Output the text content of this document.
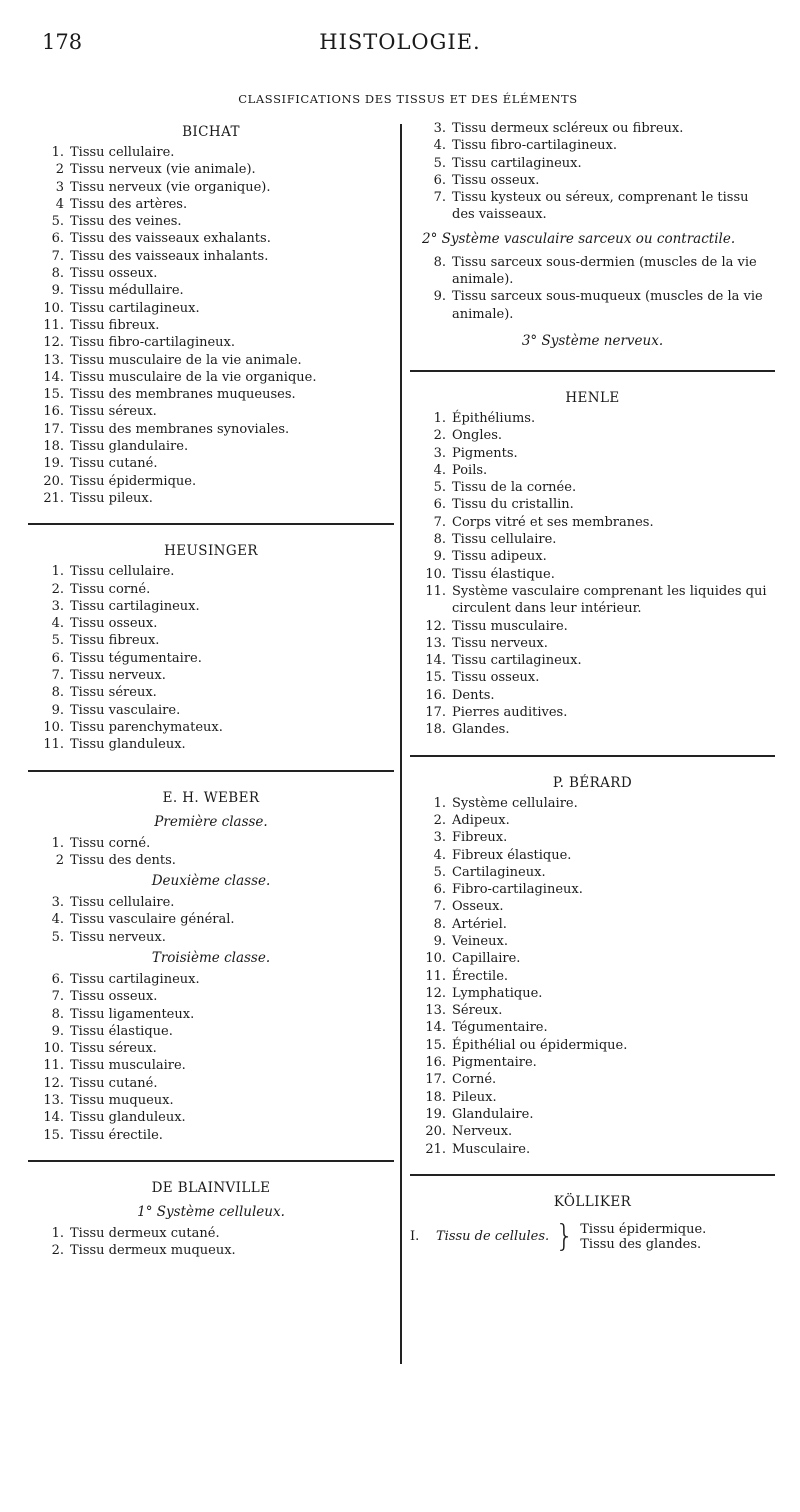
178	HISTOLOGIE.
CLASSIFICATIONS DES TISSUS ET DES ÉLÉMENTS
BICHAT
1. Tissu cellulaire.
2 Tissu nerveux (vie animale).
3 Tissu nerveux (vie organique).
4 Tissu des artères.
5. Tissu des veines.
6. Tissu des vaisseaux exhalants.
7. Tissu des vaisseaux inhalants.
8. Tissu osseux.
9. Tissu médullaire.
10. Tissu cartilagineux.
11. Tissu fibreux.
12. Tissu fibro-cartilagineux.
13. Tissu musculaire de la vie animale.
14. Tissu musculaire de la vie organique.
15. Tissu des membranes muqueuses.
16. Tissu séreux.
17. Tissu des membranes synoviales.
18. Tissu glandulaire.
19. Tissu cutané.
20. Tissu épidermique.
21. Tissu pileux.
HEUSINGER
1. Tissu cellulaire.
2. Tissu corné.
3. Tissu cartilagineux.
4. Tissu osseux.
5. Tissu fibreux.
6. Tissu tégumentaire.
7. Tissu nerveux.
8. Tissu séreux.
9. Tissu vasculaire.
10. Tissu parenchymateux.
11. Tissu glanduleux.
E. H. WEBER
Première classe.
1. Tissu corné.
2 Tissu des dents.
Deuxième classe.
3. Tissu cellulaire.
4. Tissu vasculaire général.
5. Tissu nerveux.
Troisième classe.
6. Tissu cartilagineux.
7. Tissu osseux.
8. Tissu ligamenteux.
9. Tissu élastique.
10. Tissu séreux.
11. Tissu musculaire.
12. Tissu cutané.
13. Tissu muqueux.
14. Tissu glanduleux.
15. Tissu érectile.
DE BLAINVILLE
1° Système celluleux.
1. Tissu dermeux cutané.
2. Tissu dermeux muqueux.
3. Tissu dermeux scléreux ou fibreux.
4. Tissu fibro-cartilagineux.
5. Tissu cartilagineux.
6. Tissu osseux.
7. Tissu kysteux ou séreux, comprenant le tissu des vaisseaux.
2° Système vasculaire sarceux ou contractile.
8. Tissu sarceux sous-dermien (muscles de la vie animale).
9. Tissu sarceux sous-muqueux (muscles de la vie animale).
3° Système nerveux.
HENLE
1. Épithéliums.
2. Ongles.
3. Pigments.
4. Poils.
5. Tissu de la cornée.
6. Tissu du cristallin.
7. Corps vitré et ses membranes.
8. Tissu cellulaire.
9. Tissu adipeux.
10. Tissu élastique.
11. Système vasculaire comprenant les liquides qui circulent dans leur intérieur.
12. Tissu musculaire.
13. Tissu nerveux.
14. Tissu cartilagineux.
15. Tissu osseux.
16. Dents.
17. Pierres auditives.
18. Glandes.
P. BÉRARD
1. Système cellulaire.
2. Adipeux.
3. Fibreux.
4. Fibreux élastique.
5. Cartilagineux.
6. Fibro-cartilagineux.
7. Osseux.
8. Artériel.
9. Veineux.
10. Capillaire.
11. Érectile.
12. Lymphatique.
13. Séreux.
14. Tégumentaire.
15. Épithélial ou épidermique.
16. Pigmentaire.
17. Corné.
18. Pileux.
19. Glandulaire.
20. Nerveux.
21. Musculaire.
KÖLLIKER
I.	Tissu de cellules. } Tissu épidermique.
Tissu des glandes.
